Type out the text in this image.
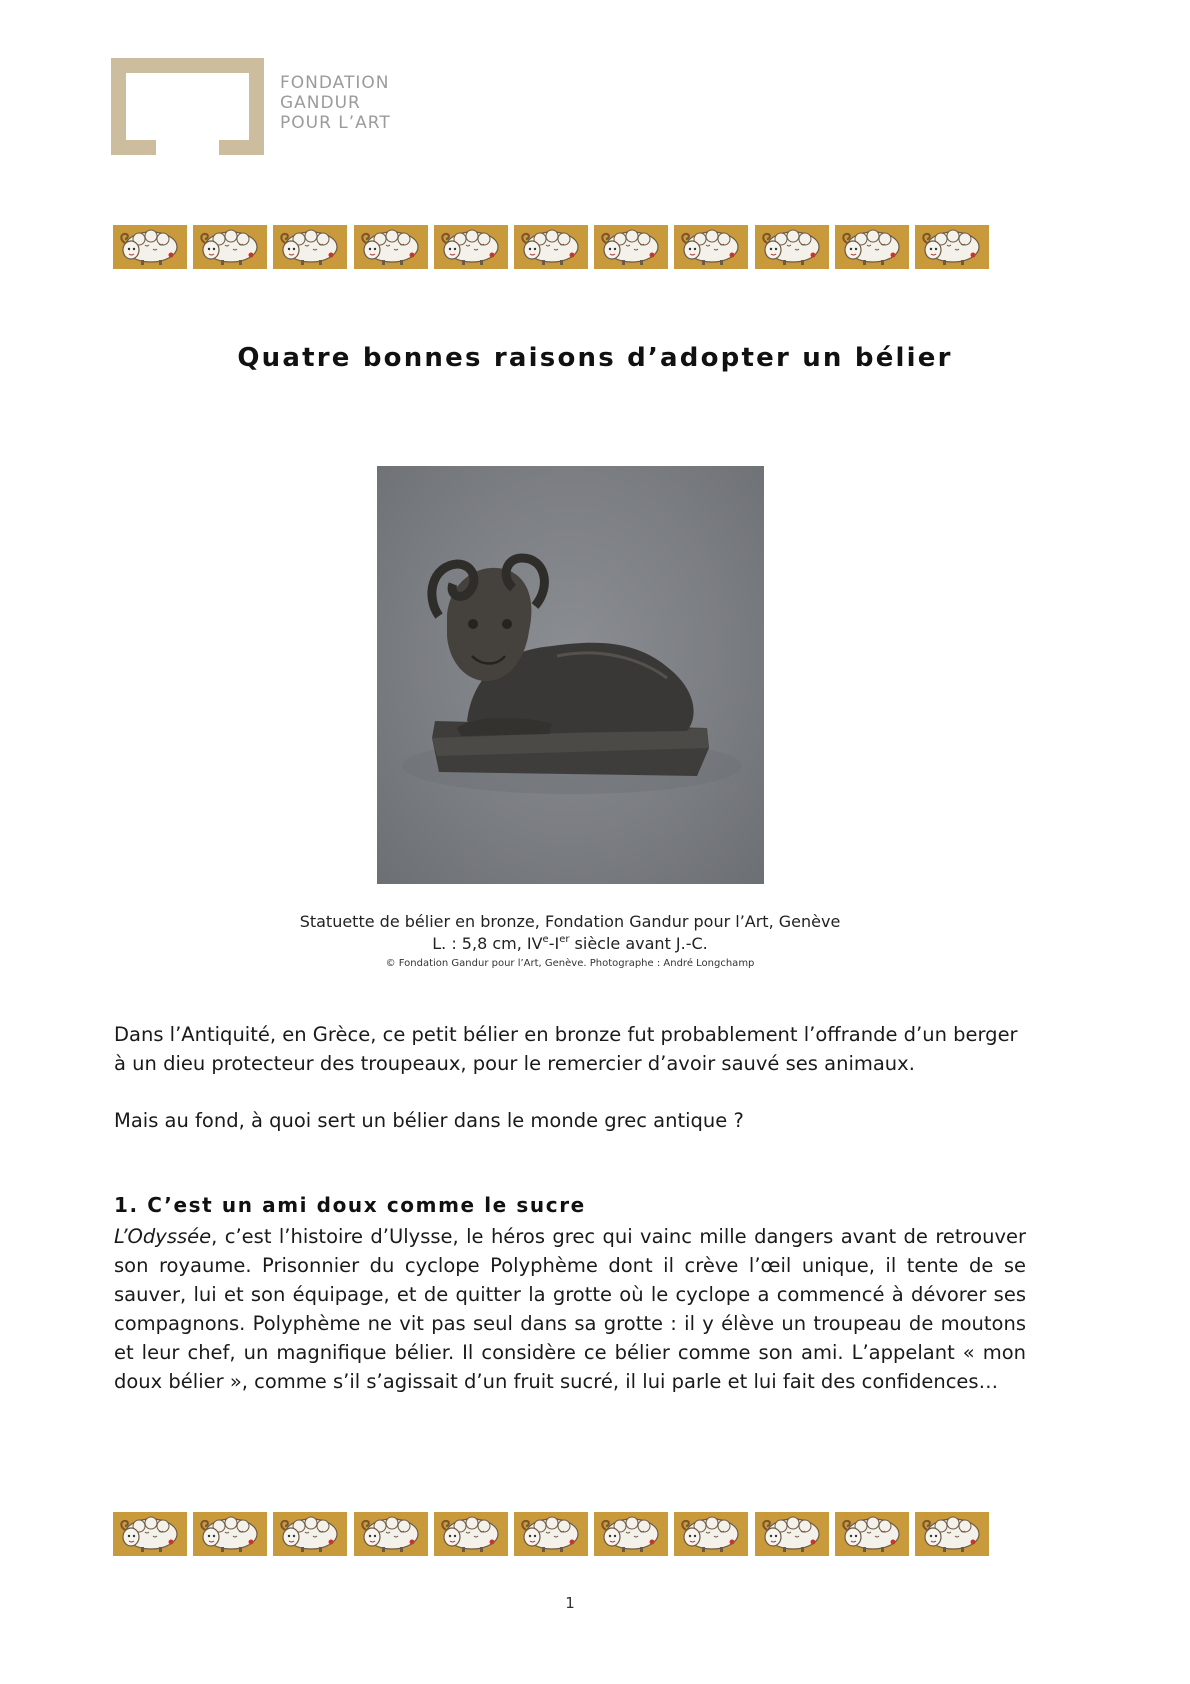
FONDATION
GANDUR
POUR L’ART
Quatre bonnes raisons d’adopter un bélier
Statuette de bélier en bronze, Fondation Gandur pour l’Art, Genève
L. : 5,8 cm, IVe-Ier siècle avant J.-C.
© Fondation Gandur pour l’Art, Genève. Photographe : André Longchamp

Dans l’Antiquité, en Grèce, ce petit bélier en bronze fut probablement l’offrande d’un berger à un dieu protecteur des troupeaux, pour le remercier d’avoir sauvé ses animaux.

Mais au fond, à quoi sert un bélier dans le monde grec antique ?

1. C’est un ami doux comme le sucre

L’Odyssée, c’est l’histoire d’Ulysse, le héros grec qui vainc mille dangers avant de retrouver son royaume. Prisonnier du cyclope Polyphème dont il crève l’œil unique, il tente de se sauver, lui et son équipage, et de quitter la grotte où le cyclope a commencé à dévorer ses compagnons. Polyphème ne vit pas seul dans sa grotte : il y élève un troupeau de moutons et leur chef, un magnifique bélier. Il considère ce bélier comme son ami. L’appelant « mon doux bélier », comme s’il s’agissait d’un fruit sucré, il lui parle et lui fait des confidences…

1
